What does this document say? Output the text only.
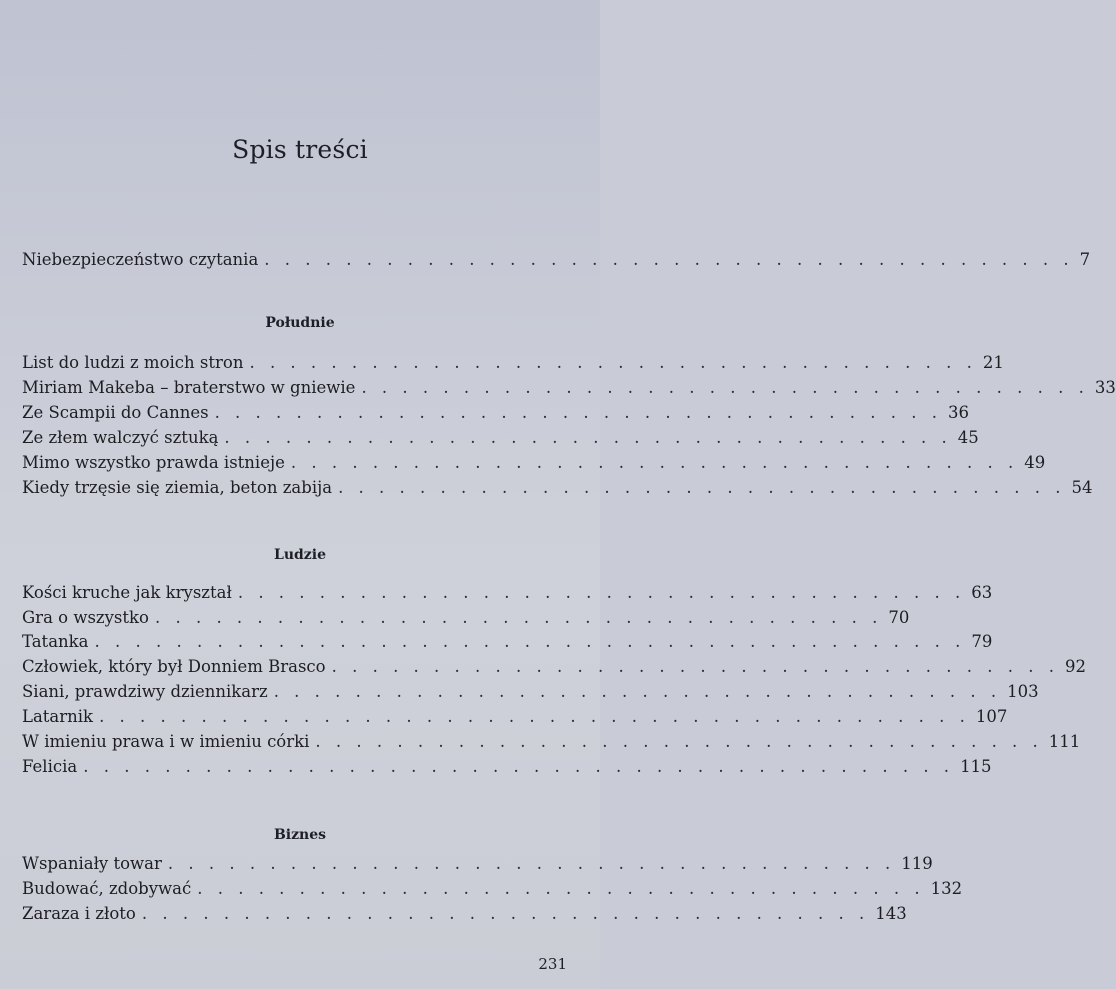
Spis treści
Niebezpieczeństwo czytania . . . . . . . . . . . . . . . . . . . . . . . . . . . . . . . . . . . . . . . . 7
Południe
List do ludzi z moich stron . . . . . . . . . . . . . . . . . . . . . . . . . . . . . . . . . . . . 21
Miriam Makeba – braterstwo w gniewie . . . . . . . . . . . . . . . . . . . . . . . . . . . . . . . . . . . . 33
Ze Scampii do Cannes . . . . . . . . . . . . . . . . . . . . . . . . . . . . . . . . . . . . 36
Ze złem walczyć sztuką . . . . . . . . . . . . . . . . . . . . . . . . . . . . . . . . . . . . 45
Mimo wszystko prawda istnieje . . . . . . . . . . . . . . . . . . . . . . . . . . . . . . . . . . . . 49
Kiedy trzęsie się ziemia, beton zabija . . . . . . . . . . . . . . . . . . . . . . . . . . . . . . . . . . . . 54
Ludzie
Kości kruche jak kryształ . . . . . . . . . . . . . . . . . . . . . . . . . . . . . . . . . . . . 63
Gra o wszystko . . . . . . . . . . . . . . . . . . . . . . . . . . . . . . . . . . . . 70
Tatanka . . . . . . . . . . . . . . . . . . . . . . . . . . . . . . . . . . . . . . . . . . . 79
Człowiek, który był Donniem Brasco . . . . . . . . . . . . . . . . . . . . . . . . . . . . . . . . . . . . 92
Siani, prawdziwy dziennikarz . . . . . . . . . . . . . . . . . . . . . . . . . . . . . . . . . . . . 103
Latarnik . . . . . . . . . . . . . . . . . . . . . . . . . . . . . . . . . . . . . . . . . . . 107
W imieniu prawa i w imieniu córki . . . . . . . . . . . . . . . . . . . . . . . . . . . . . . . . . . . . 111
Felicia . . . . . . . . . . . . . . . . . . . . . . . . . . . . . . . . . . . . . . . . . . . 115
Biznes
Wspaniały towar . . . . . . . . . . . . . . . . . . . . . . . . . . . . . . . . . . . . 119
Budować, zdobywać . . . . . . . . . . . . . . . . . . . . . . . . . . . . . . . . . . . . 132
Zaraza i złoto . . . . . . . . . . . . . . . . . . . . . . . . . . . . . . . . . . . . 143
231
